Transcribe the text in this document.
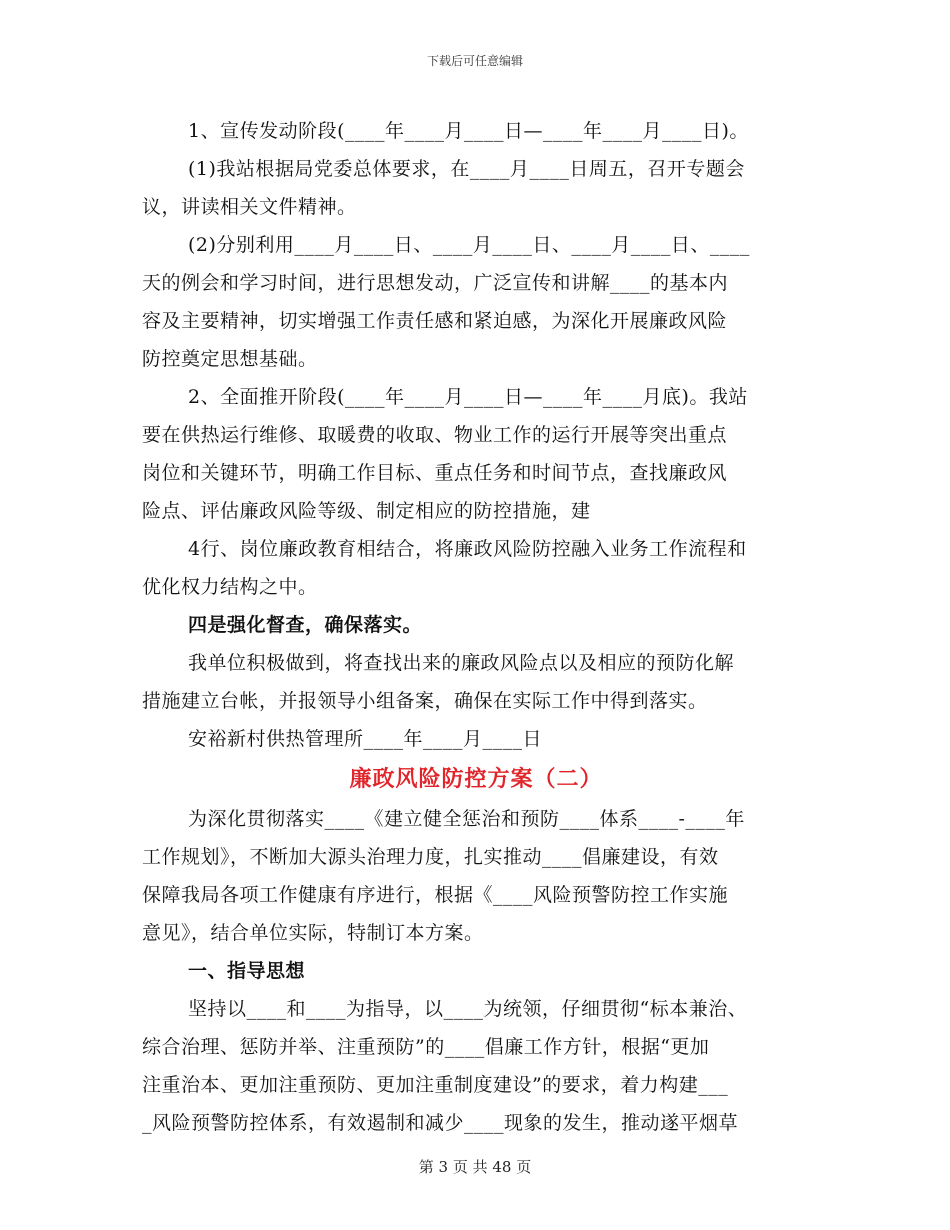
下载后可任意编辑

1、宣传发动阶段(____年____月____日—____年____月____日)。

(1)我站根据局党委总体要求，在____月____日周五，召开专题会

议，讲读相关文件精神。

(2)分别利用____月____日、____月____日、____月____日、____

天的例会和学习时间，进行思想发动，广泛宣传和讲解____的基本内

容及主要精神，切实增强工作责任感和紧迫感，为深化开展廉政风险

防控奠定思想基础。

2、全面推开阶段(____年____月____日—____年____月底)。我站

要在供热运行维修、取暖费的收取、物业工作的运行开展等突出重点

岗位和关键环节，明确工作目标、重点任务和时间节点，查找廉政风

险点、评估廉政风险等级、制定相应的防控措施，建

4行、岗位廉政教育相结合，将廉政风险防控融入业务工作流程和

优化权力结构之中。

四是强化督查，确保落实。

我单位积极做到，将查找出来的廉政风险点以及相应的预防化解

措施建立台帐，并报领导小组备案，确保在实际工作中得到落实。

安裕新村供热管理所____年____月____日

廉政风险防控方案（二）

为深化贯彻落实____《建立健全惩治和预防____体系____-____年

工作规划》，不断加大源头治理力度，扎实推动____倡廉建设，有效

保障我局各项工作健康有序进行，根据《____风险预警防控工作实施

意见》，结合单位实际，特制订本方案。

一、指导思想

坚持以____和____为指导，以____为统领，仔细贯彻“标本兼治、

综合治理、惩防并举、注重预防”的____倡廉工作方针，根据“更加

注重治本、更加注重预防、更加注重制度建设”的要求，着力构建___

_风险预警防控体系，有效遏制和减少____现象的发生，推动遂平烟草

第 3 页 共 48 页
